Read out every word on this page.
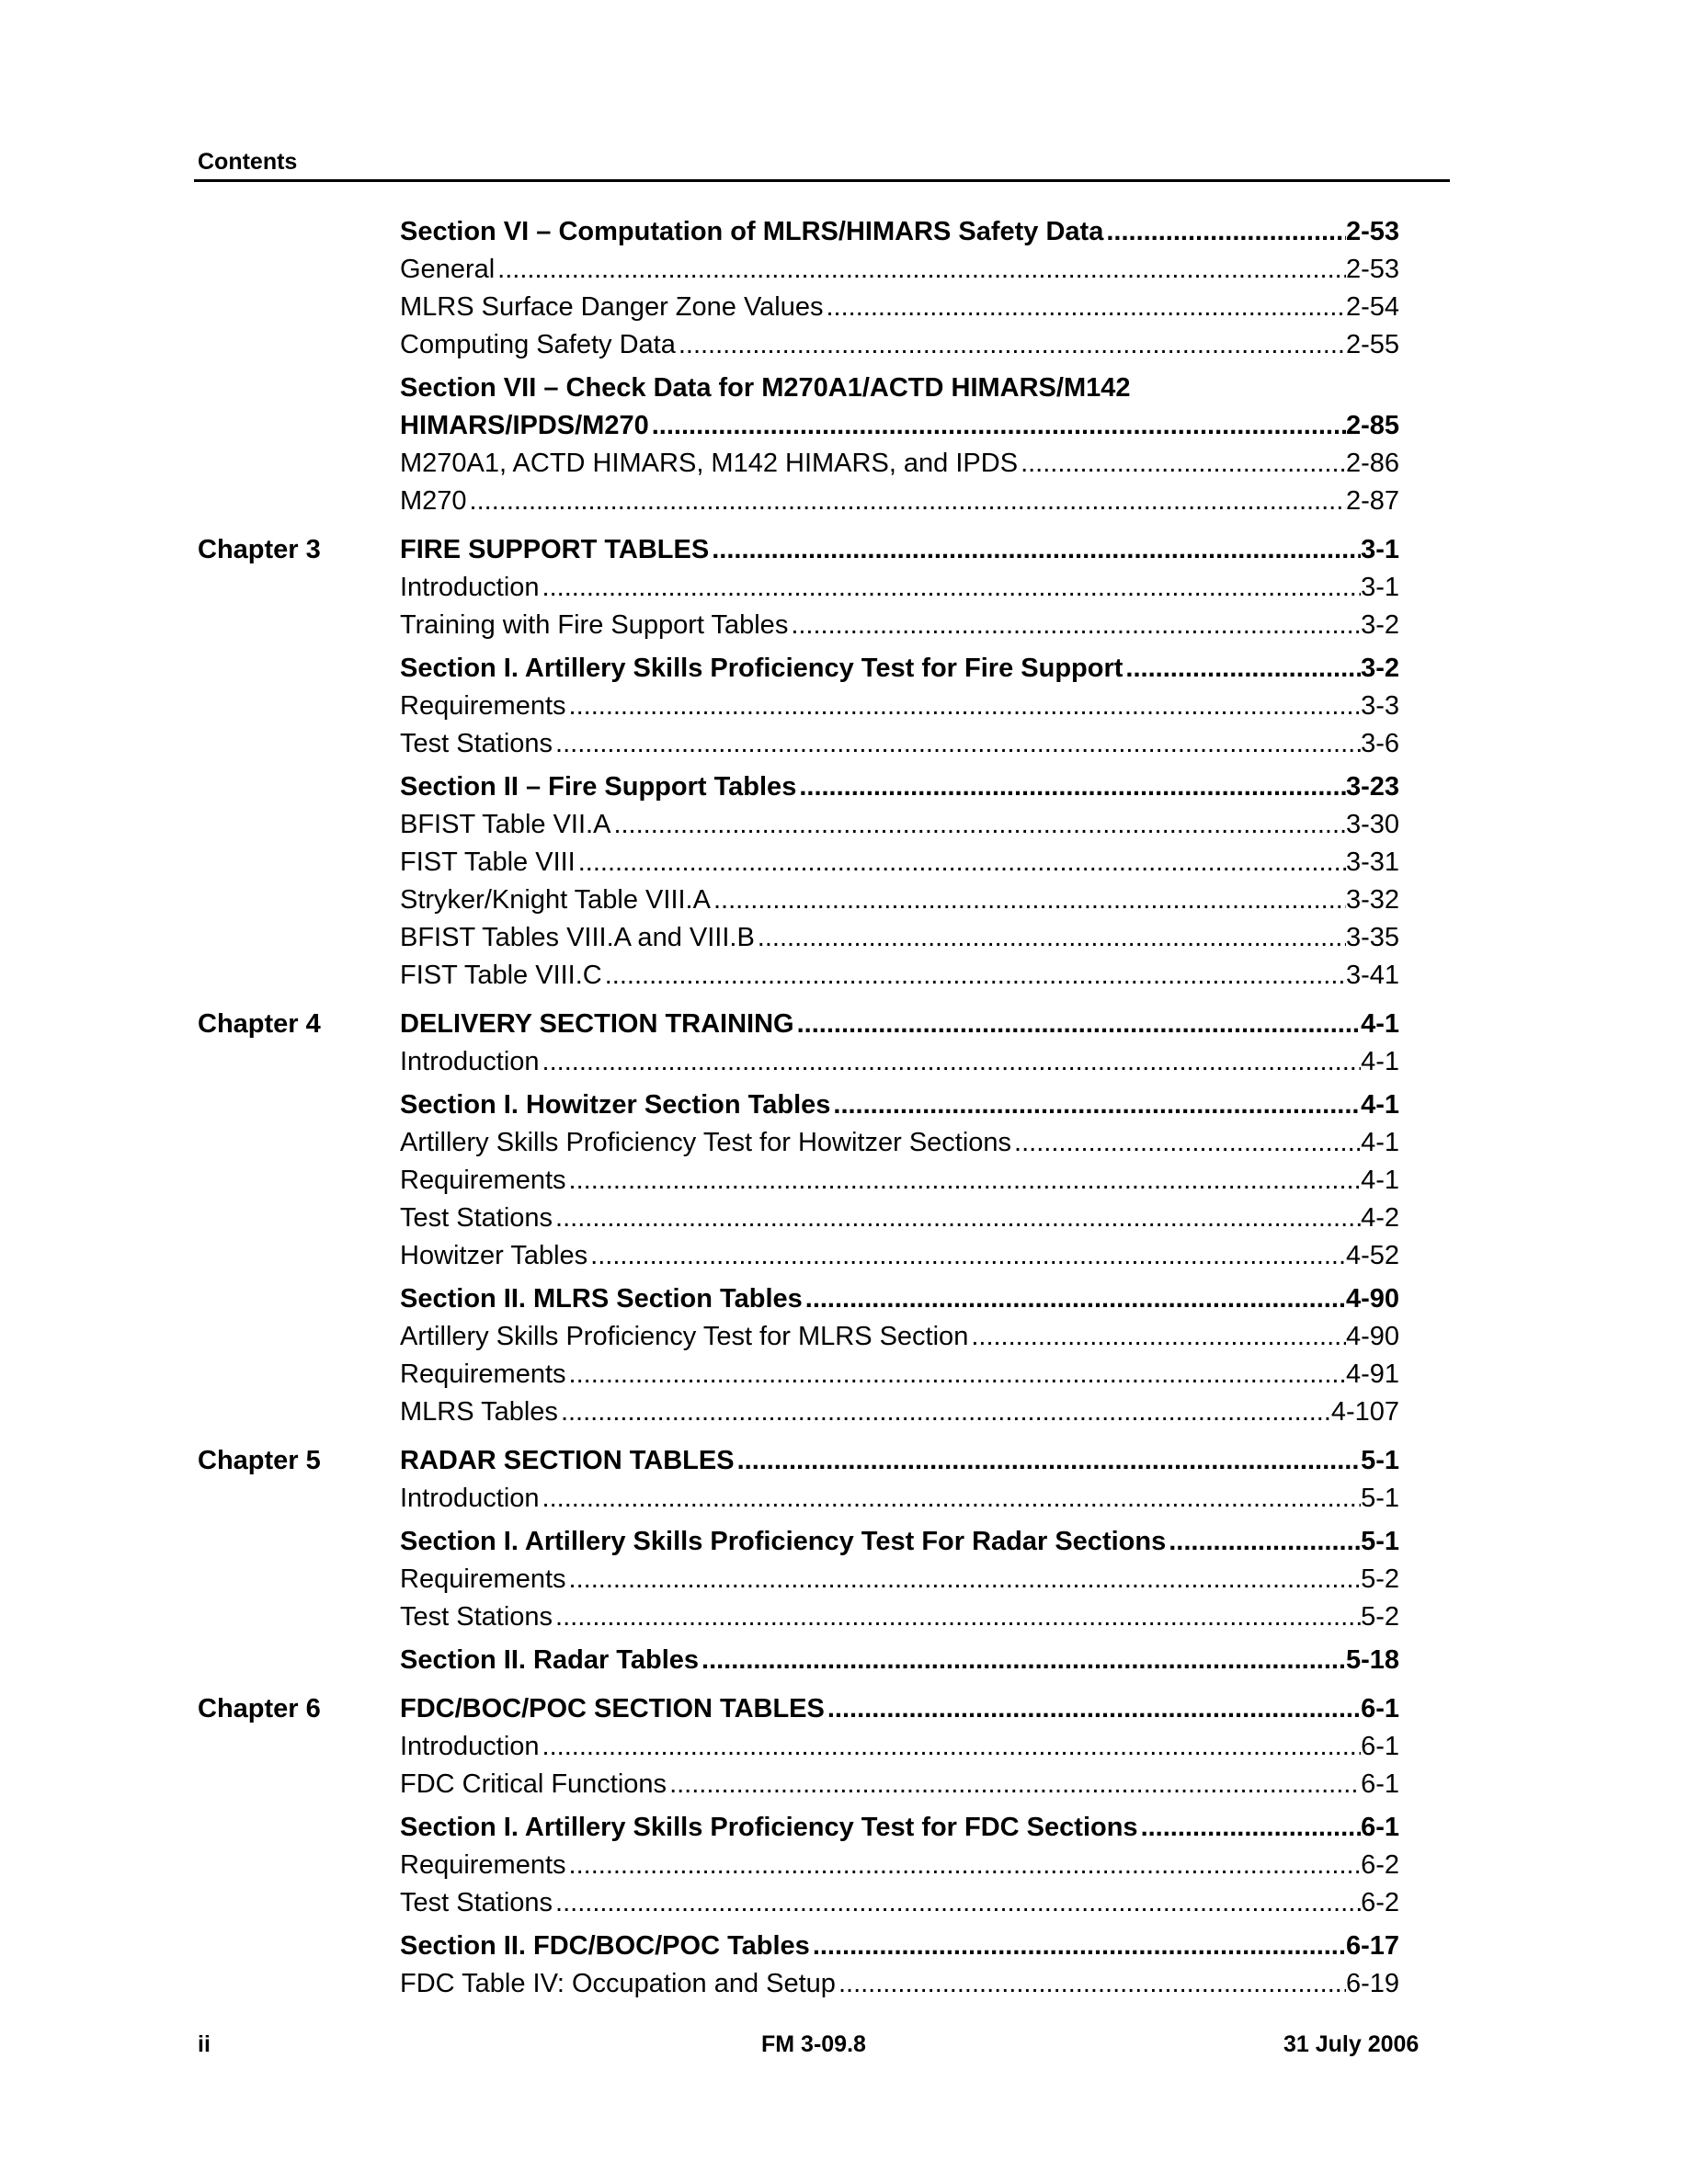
Contents
Section VI – Computation of MLRS/HIMARS Safety Data .....	2-53
General .....	2-53
MLRS Surface Danger Zone Values .....	2-54
Computing Safety Data .....	2-55
Section VII – Check Data for M270A1/ACTD HIMARS/M142
HIMARS/IPDS/M270 .....	2-85
M270A1, ACTD HIMARS, M142 HIMARS, and IPDS .....	2-86
M270 .....	2-87
Chapter 3	FIRE SUPPORT TABLES .....	3-1
Introduction .....	3-1
Training with Fire Support Tables .....	3-2
Section I. Artillery Skills Proficiency Test for Fire Support .....	3-2
Requirements .....	3-3
Test Stations .....	3-6
Section II – Fire Support Tables .....	3-23
BFIST Table VII.A .....	3-30
FIST Table VIII .....	3-31
Stryker/Knight Table VIII.A .....	3-32
BFIST Tables VIII.A and VIII.B .....	3-35
FIST Table VIII.C .....	3-41
Chapter 4	DELIVERY SECTION TRAINING .....	4-1
Introduction .....	4-1
Section I. Howitzer Section Tables .....	4-1
Artillery Skills Proficiency Test for Howitzer Sections .....	4-1
Requirements .....	4-1
Test Stations .....	4-2
Howitzer Tables .....	4-52
Section II. MLRS Section Tables .....	4-90
Artillery Skills Proficiency Test for MLRS Section .....	4-90
Requirements .....	4-91
MLRS Tables .....	4-107
Chapter 5	RADAR SECTION TABLES .....	5-1
Introduction .....	5-1
Section I. Artillery Skills Proficiency Test For Radar Sections .....	5-1
Requirements .....	5-2
Test Stations .....	5-2
Section II. Radar Tables .....	5-18
Chapter 6	FDC/BOC/POC SECTION TABLES .....	6-1
Introduction .....	6-1
FDC Critical Functions .....	6-1
Section I. Artillery Skills Proficiency Test for FDC Sections .....	6-1
Requirements .....	6-2
Test Stations .....	6-2
Section II. FDC/BOC/POC Tables .....	6-17
FDC Table IV: Occupation and Setup .....	6-19
ii	FM 3-09.8	31 July 2006
